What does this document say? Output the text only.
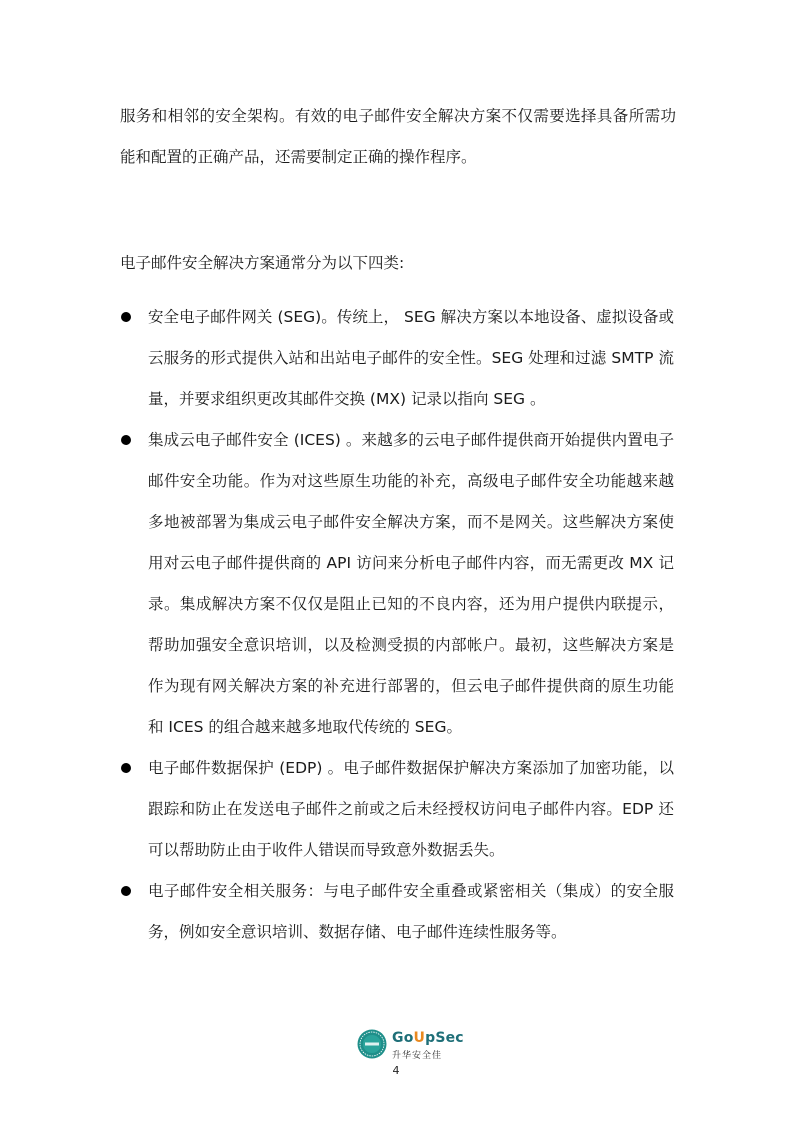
服务和相邻的安全架构。有效的电子邮件安全解决方案不仅需要选择具备所需功能和配置的正确产品，还需要制定正确的操作程序。

电子邮件安全解决方案通常分为以下四类:

安全电子邮件网关 (SEG)。传统上， SEG 解决方案以本地设备、虚拟设备或云服务的形式提供入站和出站电子邮件的安全性。SEG 处理和过滤 SMTP 流量，并要求组织更改其邮件交换 (MX) 记录以指向 SEG 。
集成云电子邮件安全 (ICES) 。来越多的云电子邮件提供商开始提供内置电子邮件安全功能。作为对这些原生功能的补充，高级电子邮件安全功能越来越多地被部署为集成云电子邮件安全解决方案，而不是网关。这些解决方案使用对云电子邮件提供商的 API 访问来分析电子邮件内容，而无需更改 MX 记录。集成解决方案不仅仅是阻止已知的不良内容，还为用户提供内联提示，帮助加强安全意识培训，以及检测受损的内部帐户。最初，这些解决方案是作为现有网关解决方案的补充进行部署的，但云电子邮件提供商的原生功能和 ICES 的组合越来越多地取代传统的 SEG。
电子邮件数据保护 (EDP) 。电子邮件数据保护解决方案添加了加密功能，以跟踪和防止在发送电子邮件之前或之后未经授权访问电子邮件内容。EDP 还可以帮助防止由于收件人错误而导致意外数据丢失。
电子邮件安全相关服务：与电子邮件安全重叠或紧密相关（集成）的安全服务，例如安全意识培训、数据存储、电子邮件连续性服务等。
GoUpSec
升华安全佳
4
